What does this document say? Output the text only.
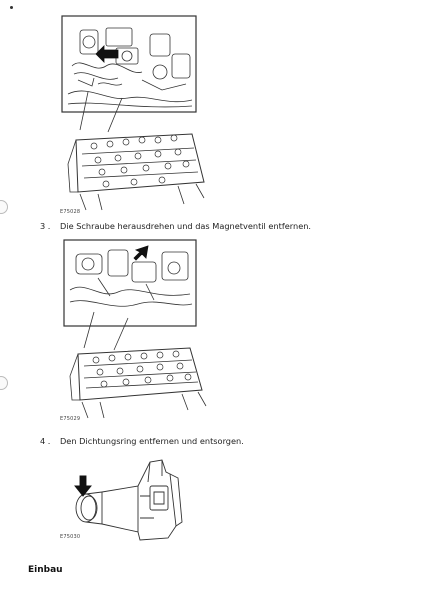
E75028
3 . Die Schraube herausdrehen und das Magnetventil entfernen.
E75029
4 . Den Dichtungsring entfernen und entsorgen.
E75030
Einbau
